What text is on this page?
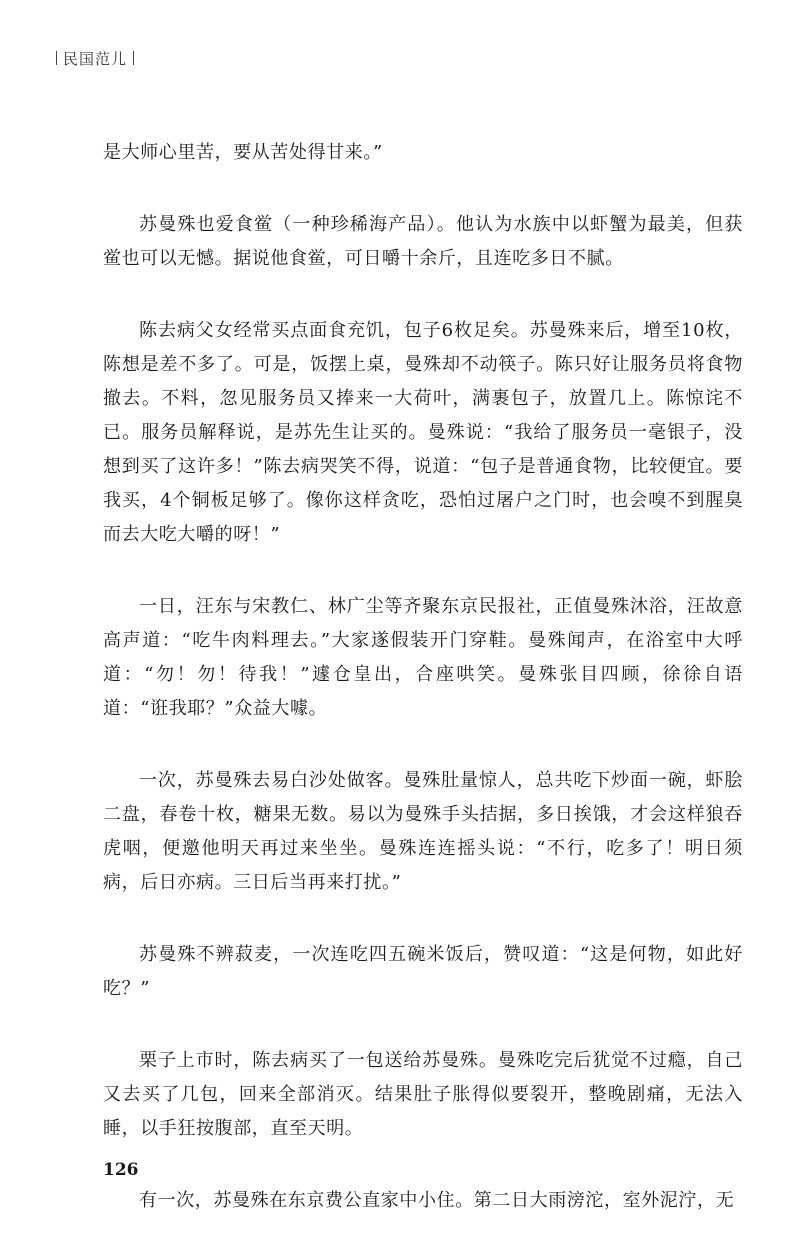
民国范儿

是大师心里苦，要从苦处得甘来。”

苏曼殊也爱食鲎（一种珍稀海产品）。他认为水族中以虾蟹为最美，但获鲎也可以无憾。据说他食鲎，可日嚼十余斤，且连吃多日不腻。

陈去病父女经常买点面食充饥，包子6枚足矣。苏曼殊来后，增至10枚，陈想是差不多了。可是，饭摆上桌，曼殊却不动筷子。陈只好让服务员将食物撤去。不料，忽见服务员又捧来一大荷叶，满裹包子，放置几上。陈惊诧不已。服务员解释说，是苏先生让买的。曼殊说：“我给了服务员一毫银子，没想到买了这许多！”陈去病哭笑不得，说道：“包子是普通食物，比较便宜。要我买，4个铜板足够了。像你这样贪吃，恐怕过屠户之门时，也会嗅不到腥臭而去大吃大嚼的呀！”

一日，汪东与宋教仁、林广尘等齐聚东京民报社，正值曼殊沐浴，汪故意高声道：“吃牛肉料理去。”大家遂假装开门穿鞋。曼殊闻声，在浴室中大呼道：“勿！勿！待我！”遽仓皇出，合座哄笑。曼殊张目四顾，徐徐自语道：“诳我耶？”众益大噱。

一次，苏曼殊去易白沙处做客。曼殊肚量惊人，总共吃下炒面一碗，虾脍二盘，春卷十枚，糖果无数。易以为曼殊手头拮据，多日挨饿，才会这样狼吞虎咽，便邀他明天再过来坐坐。曼殊连连摇头说：“不行，吃多了！明日须病，后日亦病。三日后当再来打扰。”

苏曼殊不辨菽麦，一次连吃四五碗米饭后，赞叹道：“这是何物，如此好吃？”

栗子上市时，陈去病买了一包送给苏曼殊。曼殊吃完后犹觉不过瘾，自己又去买了几包，回来全部消灭。结果肚子胀得似要裂开，整晚剧痛，无法入睡，以手狂按腹部，直至天明。

有一次，苏曼殊在东京费公直家中小住。第二日大雨滂沱，室外泥泞，无

126
